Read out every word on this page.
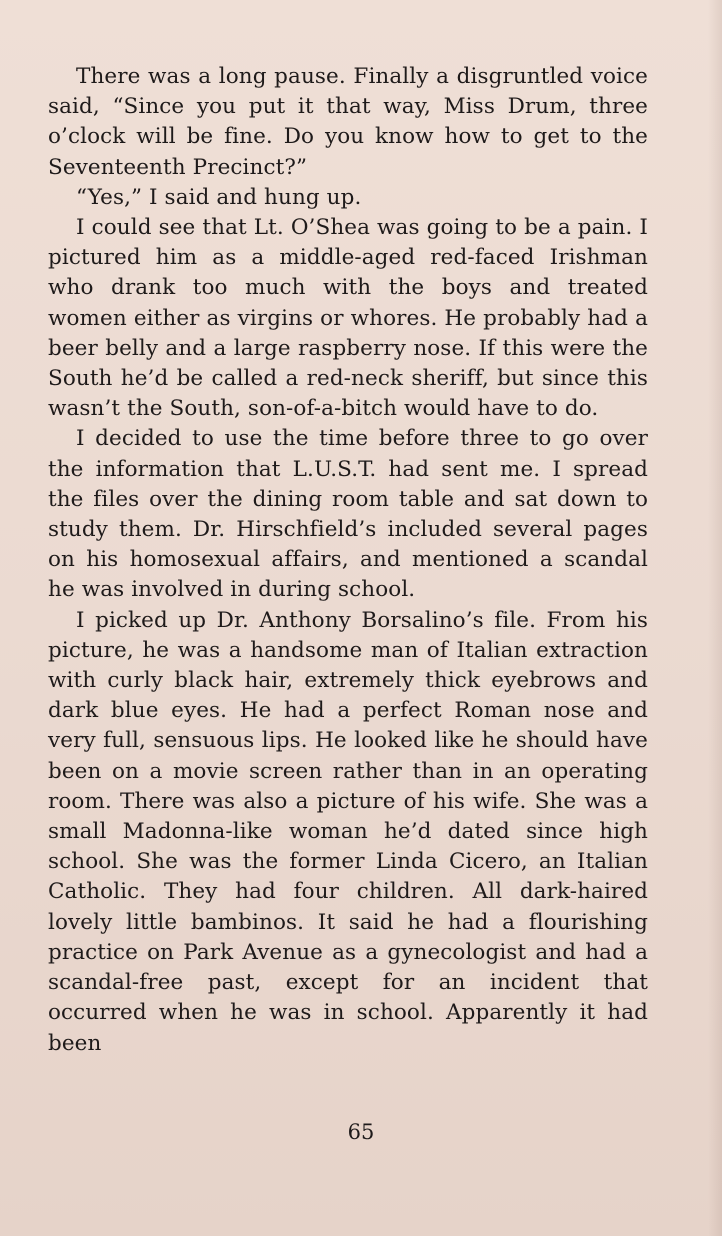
There was a long pause. Finally a disgruntled voice said, “Since you put it that way, Miss Drum, three o’clock will be fine. Do you know how to get to the Seventeenth Precinct?”

“Yes,” I said and hung up.

I could see that Lt. O’Shea was going to be a pain. I pictured him as a middle-aged red-faced Irishman who drank too much with the boys and treated women either as virgins or whores. He probably had a beer belly and a large raspberry nose. If this were the South he’d be called a red-neck sheriff, but since this wasn’t the South, son-of-a-bitch would have to do.

I decided to use the time before three to go over the information that L.U.S.T. had sent me. I spread the files over the dining room table and sat down to study them. Dr. Hirschfield’s included several pages on his homosexual affairs, and mentioned a scandal he was involved in during school.

I picked up Dr. Anthony Borsalino’s file. From his picture, he was a handsome man of Italian extraction with curly black hair, extremely thick eyebrows and dark blue eyes. He had a perfect Roman nose and very full, sensuous lips. He looked like he should have been on a movie screen rather than in an operating room. There was also a picture of his wife. She was a small Madonna-like woman he’d dated since high school. She was the former Linda Cicero, an Italian Catholic. They had four children. All dark-haired lovely little bambinos. It said he had a flourishing practice on Park Avenue as a gynecologist and had a scandal-free past, except for an incident that occurred when he was in school. Apparently it had been

65
